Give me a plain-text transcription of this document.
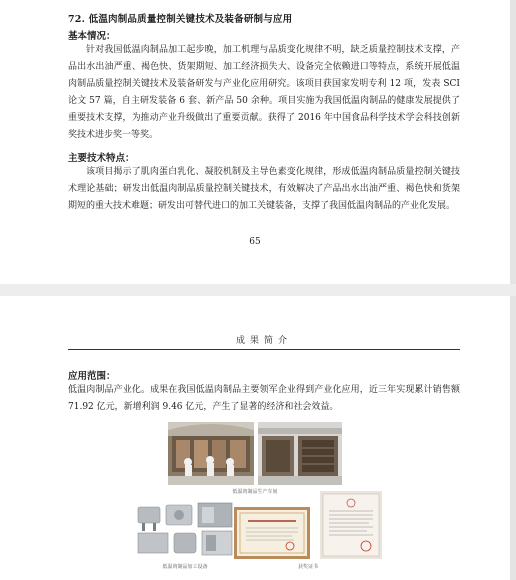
72. 低温肉制品质量控制关键技术及装备研制与应用
基本情况：
针对我国低温肉制品加工起步晚，加工机理与品质变化规律不明，缺乏质量控制技术支撑，产品出水出油严重、褐色快、货架期短、加工经济损失大、设备完全依赖进口等特点，系统开展低温肉制品质量控制关键技术及装备研发与产业化应用研究。该项目获国家发明专利 12 项，发表 SCI 论文 57 篇，自主研发装备 6 套、新产品 50 余种。项目实施为我国低温肉制品的健康发展提供了重要技术支撑，为推动产业升级做出了重要贡献。获得了 2016 年中国食品科学技术学会科技创新奖技术进步奖一等奖。
主要技术特点：
该项目揭示了肌肉蛋白乳化、凝胶机制及主导色素变化规律，形成低温肉制品质量控制关键技术理论基础；研发出低温肉制品质量控制关键技术，有效解决了产品出水出油严重、褐色快和货架期短的重大技术难题；研发出可替代进口的加工关键装备，支撑了我国低温肉制品的产业化发展。
65
成果简介
应用范围：
低温肉制品产业化。成果在我国低温肉制品主要领军企业得到产业化应用，近三年实现累计销售额 71.92 亿元，新增利润 9.46 亿元，产生了显著的经济和社会效益。
低温肉制品生产车间
低温肉制品加工设备	获奖证书
